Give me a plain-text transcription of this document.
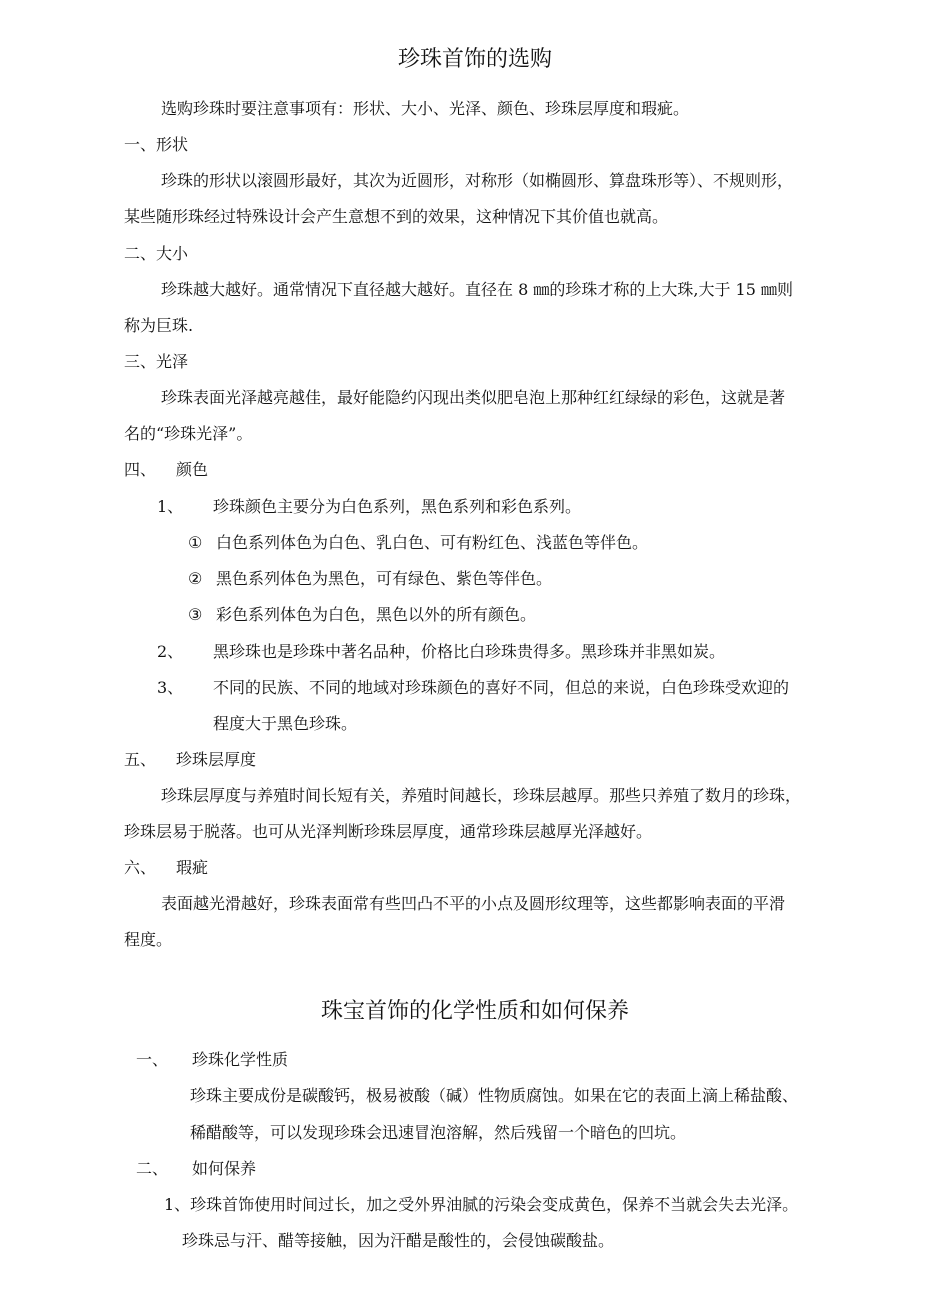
珍珠首饰的选购
选购珍珠时要注意事项有：形状、大小、光泽、颜色、珍珠层厚度和瑕疵。
一、形状
珍珠的形状以滚圆形最好，其次为近圆形，对称形（如椭圆形、算盘珠形等）、不规则形，
某些随形珠经过特殊设计会产生意想不到的效果，这种情况下其价值也就高。
二、大小
珍珠越大越好。通常情况下直径越大越好。直径在 8 ㎜的珍珠才称的上大珠,大于 15 ㎜则
称为巨珠.
三、光泽
珍珠表面光泽越亮越佳，最好能隐约闪现出类似肥皂泡上那种红红绿绿的彩色，这就是著
名的“珍珠光泽”。
四、 颜色
1、 珍珠颜色主要分为白色系列，黑色系列和彩色系列。
① 白色系列体色为白色、乳白色、可有粉红色、浅蓝色等伴色。
② 黑色系列体色为黑色，可有绿色、紫色等伴色。
③ 彩色系列体色为白色，黑色以外的所有颜色。
2、 黑珍珠也是珍珠中著名品种，价格比白珍珠贵得多。黑珍珠并非黑如炭。
3、 不同的民族、不同的地域对珍珠颜色的喜好不同，但总的来说，白色珍珠受欢迎的
程度大于黑色珍珠。
五、 珍珠层厚度
珍珠层厚度与养殖时间长短有关，养殖时间越长，珍珠层越厚。那些只养殖了数月的珍珠，
珍珠层易于脱落。也可从光泽判断珍珠层厚度，通常珍珠层越厚光泽越好。
六、 瑕疵
表面越光滑越好，珍珠表面常有些凹凸不平的小点及圆形纹理等，这些都影响表面的平滑
程度。
珠宝首饰的化学性质和如何保养
一、 珍珠化学性质
珍珠主要成份是碳酸钙，极易被酸（碱）性物质腐蚀。如果在它的表面上滴上稀盐酸、
稀醋酸等，可以发现珍珠会迅速冒泡溶解，然后残留一个暗色的凹坑。
二、 如何保养
1、珍珠首饰使用时间过长，加之受外界油腻的污染会变成黄色，保养不当就会失去光泽。
珍珠忌与汗、醋等接触，因为汗醋是酸性的，会侵蚀碳酸盐。
